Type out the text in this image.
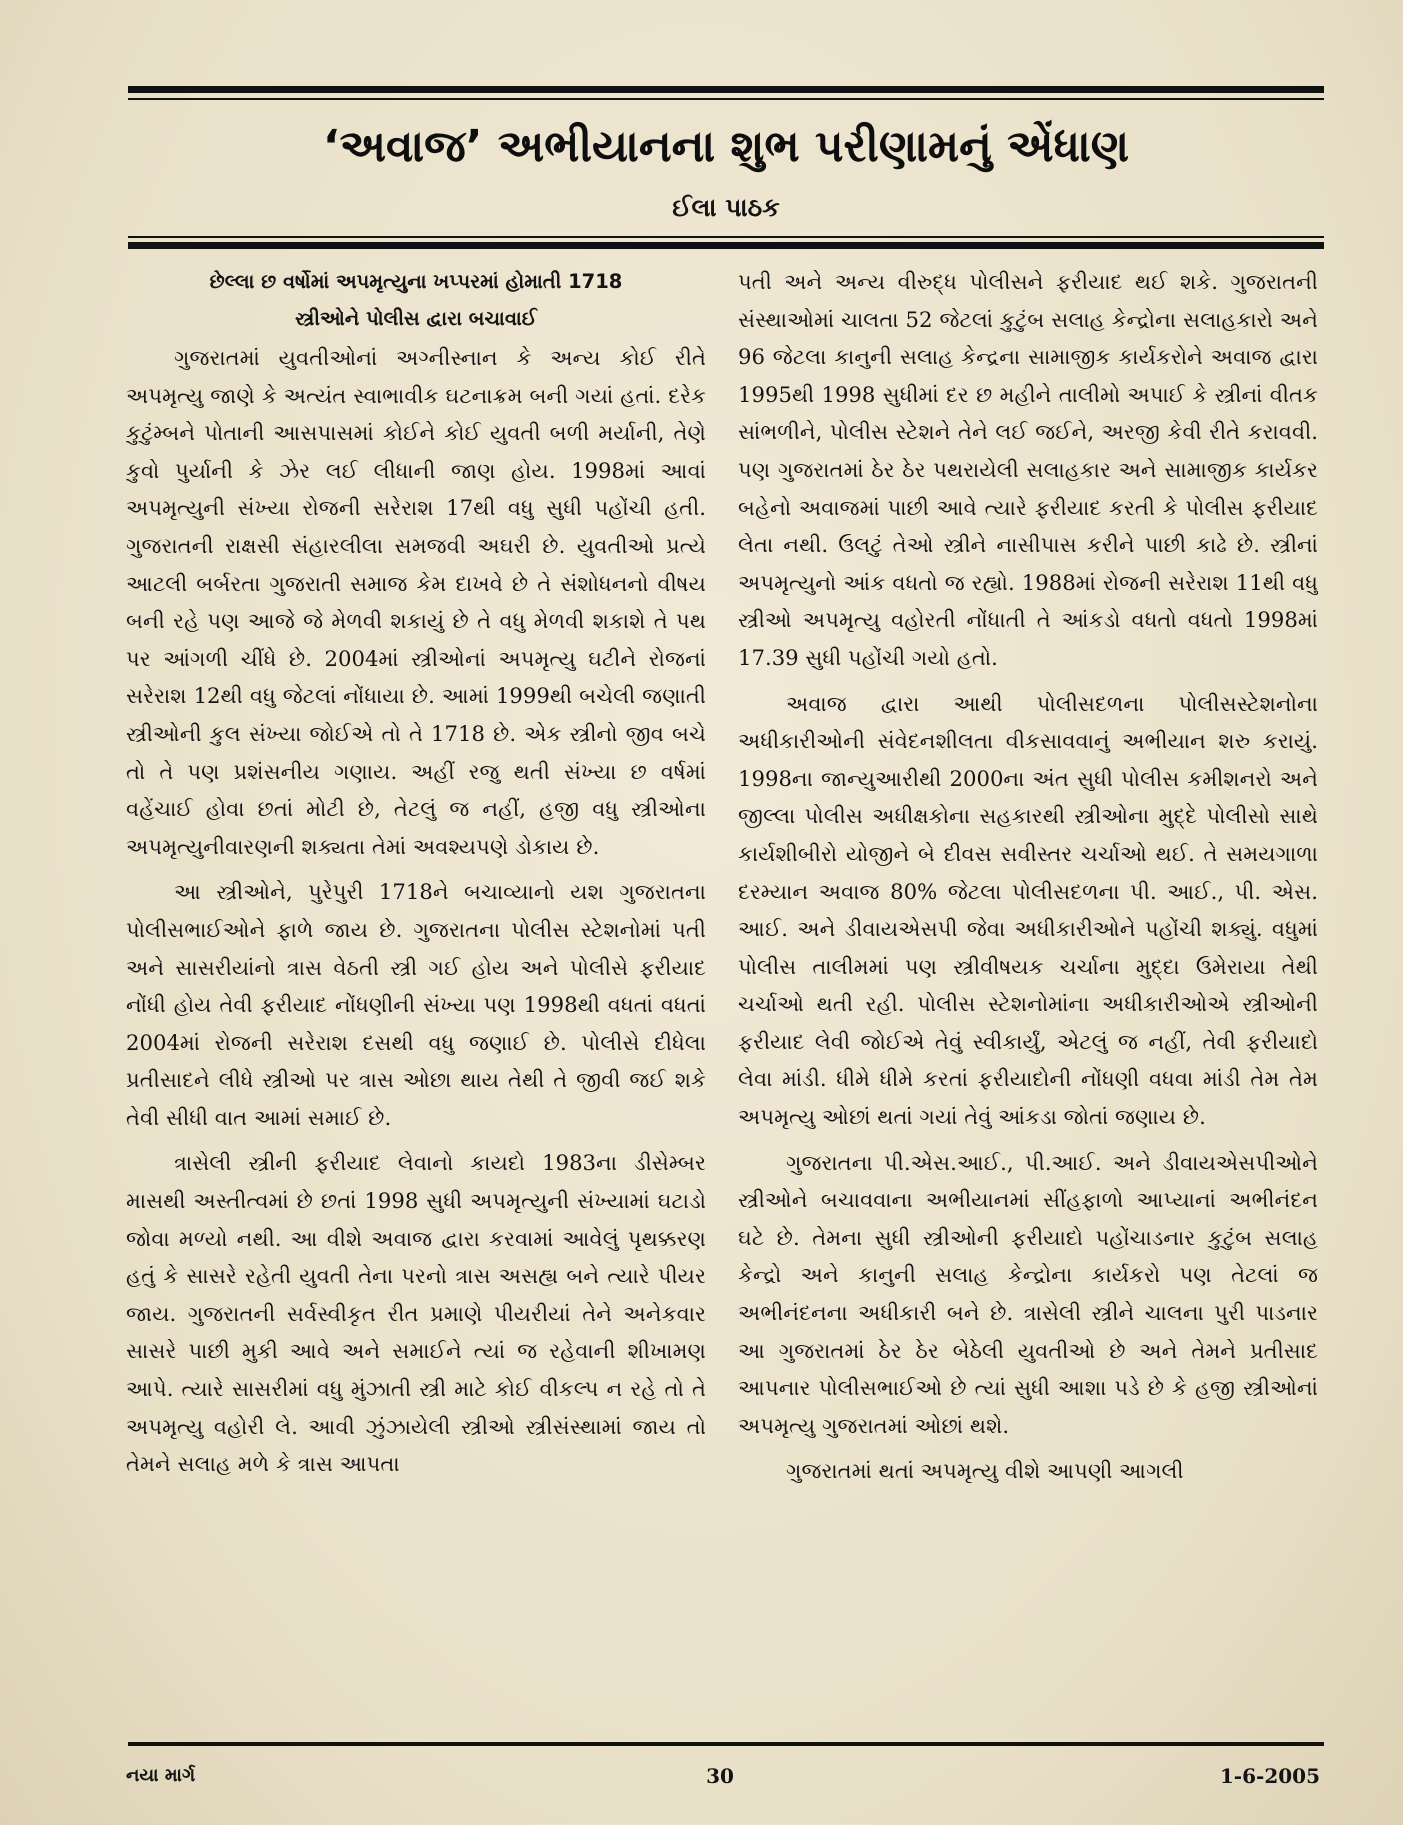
‘અવાજ’ અભીયાનના શુભ પરીણામનું એંધાણ
ઈલા પાઠક
છેલ્લા છ વર્ષોમાં અપમૃત્યુના ખપ્પરમાં હોમાતી 1718
સ્ત્રીઓને પોલીસ દ્વારા બચાવાઈ

ગુજરાતમાં યુવતીઓનાં અગ્નીસ્નાન કે અન્ય કોઈ રીતે અપમૃત્યુ જાણે કે અત્યંત સ્વાભાવીક ઘટનાક્રમ બની ગયાં હતાં. દરેક કુટુંમ્બને પોતાની આસપાસમાં કોઈને કોઈ યુવતી બળી મર્યાની, તેણે કુવો પુર્યાની કે ઝેર લઈ લીધાની જાણ હોય. 1998માં આવાં અપમૃત્યુની સંખ્યા રોજની સરેરાશ 17થી વધુ સુધી પહોંચી હતી. ગુજરાતની રાક્ષસી સંહારલીલા સમજવી અઘરી છે. યુવતીઓ પ્રત્યે આટલી બર્બરતા ગુજરાતી સમાજ કેમ દાખવે છે તે સંશોધનનો વીષય બની રહે પણ આજે જે મેળવી શકાયું છે તે વધુ મેળવી શકાશે તે પથ પર આંગળી ચીંધે છે. 2004માં સ્ત્રીઓનાં અપમૃત્યુ ઘટીને રોજનાં સરેરાશ 12થી વધુ જેટલાં નોંધાયા છે. આમાં 1999થી બચેલી જણાતી સ્ત્રીઓની કુલ સંખ્યા જોઈએ તો તે 1718 છે. એક સ્ત્રીનો જીવ બચે તો તે પણ પ્રશંસનીય ગણાય. અહીં રજુ થતી સંખ્યા છ વર્ષમાં વહેંચાઈ હોવા છતાં મોટી છે, તેટલું જ નહીં, હજી વધુ સ્ત્રીઓના અપમૃત્યુનીવારણની શક્યતા તેમાં અવશ્યપણે ડોકાય છે.

આ સ્ત્રીઓને, પુરેપુરી 1718ને બચાવ્યાનો યશ ગુજરાતના પોલીસભાઈઓને ફાળે જાય છે. ગુજરાતના પોલીસ સ્ટેશનોમાં પતી અને સાસરીયાંનો ત્રાસ વેઠતી સ્ત્રી ગઈ હોય અને પોલીસે ફરીયાદ નોંધી હોય તેવી ફરીયાદ નોંધણીની સંખ્યા પણ 1998થી વધતાં વધતાં 2004માં રોજની સરેરાશ દસથી વધુ જણાઈ છે. પોલીસે દીધેલા પ્રતીસાદને લીધે સ્ત્રીઓ પર ત્રાસ ઓછા થાય તેથી તે જીવી જઈ શકે તેવી સીધી વાત આમાં સમાઈ છે.

ત્રાસેલી સ્ત્રીની ફરીયાદ લેવાનો કાયદો 1983ના ડીસેમ્બર માસથી અસ્તીત્વમાં છે છતાં 1998 સુધી અપમૃત્યુની સંખ્યામાં ઘટાડો જોવા મળ્યો નથી. આ વીશે અવાજ દ્વારા કરવામાં આવેલું પૃથક્કરણ હતું કે સાસરે રહેતી યુવતી તેના પરનો ત્રાસ અસહ્ય બને ત્યારે પીયર જાય. ગુજરાતની સર્વસ્વીકૃત રીત પ્રમાણે પીયરીયાં તેને અનેકવાર સાસરે પાછી મુકી આવે અને સમાઈને ત્યાં જ રહેવાની શીખામણ આપે. ત્યારે સાસરીમાં વધુ મુંઝાતી સ્ત્રી માટે કોઈ વીકલ્પ ન રહે તો તે અપમૃત્યુ વહોરી લે. આવી ઝુંઝાયેલી સ્ત્રીઓ સ્ત્રીસંસ્થામાં જાય તો તેમને સલાહ મળે કે ત્રાસ આપતા

પતી અને અન્ય વીરુદ્ધ પોલીસને ફરીયાદ થઈ શકે. ગુજરાતની સંસ્થાઓમાં ચાલતા 52 જેટલાં કુટુંબ સલાહ કેન્દ્રોના સલાહકારો અને 96 જેટલા કાનુની સલાહ કેન્દ્રના સામાજીક કાર્યકરોને અવાજ દ્વારા 1995થી 1998 સુધીમાં દર છ મહીને તાલીમો અપાઈ કે સ્ત્રીનાં વીતક સાંભળીને, પોલીસ સ્ટેશને તેને લઈ જઈને, અરજી કેવી રીતે કરાવવી. પણ ગુજરાતમાં ઠેર ઠેર પથરાયેલી સલાહકાર અને સામાજીક કાર્યકર બહેનો અવાજમાં પાછી આવે ત્યારે ફરીયાદ કરતી કે પોલીસ ફરીયાદ લેતા નથી. ઉલટું તેઓ સ્ત્રીને નાસીપાસ કરીને પાછી કાઢે છે. સ્ત્રીનાં અપમૃત્યુનો આંક વધતો જ રહ્યો. 1988માં રોજની સરેરાશ 11થી વધુ સ્ત્રીઓ અપમૃત્યુ વહોરતી નોંધાતી તે આંકડો વધતો વધતો 1998માં 17.39 સુધી પહોંચી ગયો હતો.

અવાજ દ્વારા આથી પોલીસદળના પોલીસસ્ટેશનોના અધીકારીઓની સંવેદનશીલતા વીકસાવવાનું અભીયાન શરુ કરાયું. 1998ના જાન્યુઆરીથી 2000ના અંત સુધી પોલીસ કમીશનરો અને જીલ્લા પોલીસ અધીક્ષકોના સહકારથી સ્ત્રીઓના મુદ્દે પોલીસો સાથે કાર્યશીબીરો યોજીને બે દીવસ સવીસ્તર ચર્ચાઓ થઈ. તે સમયગાળા દરમ્યાન અવાજ 80% જેટલા પોલીસદળના પી. આઈ., પી. એસ. આઈ. અને ડીવાયએસપી જેવા અધીકારીઓને પહોંચી શક્યું. વધુમાં પોલીસ તાલીમમાં પણ સ્ત્રીવીષયક ચર્ચાના મુદ્દા ઉમેરાયા તેથી ચર્ચાઓ થતી રહી. પોલીસ સ્ટેશનોમાંના અધીકારીઓએ સ્ત્રીઓની ફરીયાદ લેવી જોઈએ તેવું સ્વીકાર્યું, એટલું જ નહીં, તેવી ફરીયાદો લેવા માંડી. ધીમે ધીમે કરતાં ફરીયાદોની નોંધણી વધવા માંડી તેમ તેમ અપમૃત્યુ ઓછાં થતાં ગયાં તેવું આંકડા જોતાં જણાય છે.

ગુજરાતના પી.એસ.આઈ., પી.આઈ. અને ડીવાયએસપીઓને સ્ત્રીઓને બચાવવાના અભીયાનમાં સીંહફાળો આપ્યાનાં અભીનંદન ઘટે છે. તેમના સુધી સ્ત્રીઓની ફરીયાદો પહોંચાડનાર કુટુંબ સલાહ કેન્દ્રો અને કાનુની સલાહ કેન્દ્રોના કાર્યકરો પણ તેટલાં જ અભીનંદનના અધીકારી બને છે. ત્રાસેલી સ્ત્રીને ચાલના પુરી પાડનાર આ ગુજરાતમાં ઠેર ઠેર બેઠેલી યુવતીઓ છે અને તેમને પ્રતીસાદ આપનાર પોલીસભાઈઓ છે ત્યાં સુધી આશા પડે છે કે હજી સ્ત્રીઓનાં અપમૃત્યુ ગુજરાતમાં ઓછાં થશે.

ગુજરાતમાં થતાં અપમૃત્યુ વીશે આપણી આગલી

નયા માર્ગ	30	1-6-2005
